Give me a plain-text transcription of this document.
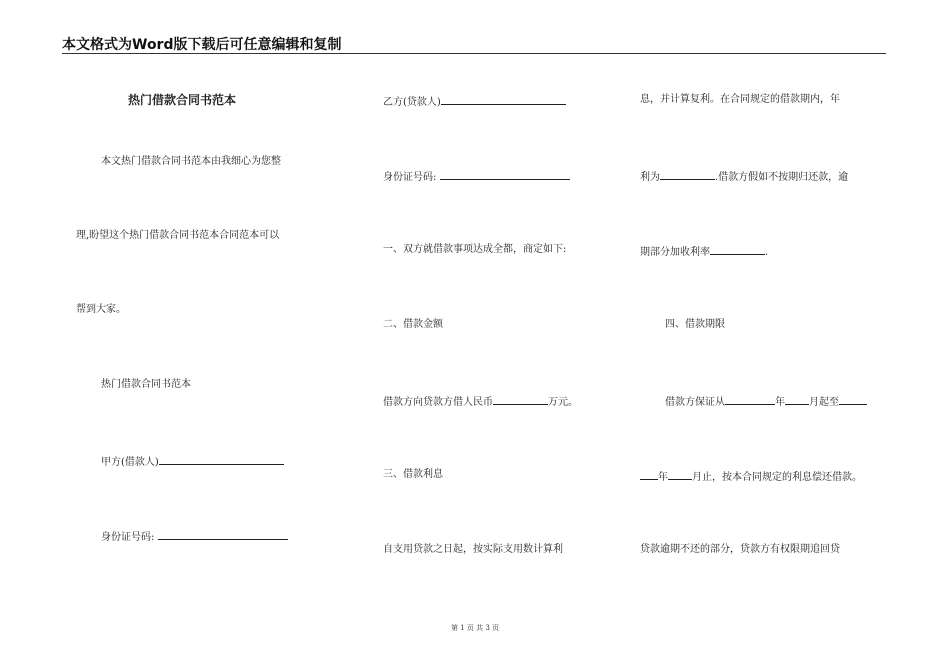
本文格式为Word版下载后可任意编辑和复制
热门借款合同书范本
本文热门借款合同书范本由我细心为您整
理,盼望这个热门借款合同书范本合同范本可以
帮到大家。
热门借款合同书范本
甲方(借款人)
身份证号码:
乙方(贷款人)
身份证号码:
一、双方就借款事项达成全都，商定如下:
二、借款金额
借款方向贷款方借人民币	万元。
三、借款利息
自支用贷款之日起，按实际支用数计算利
息，并计算复利。在合同规定的借款期内，年
利为	.借款方假如不按期归还款，逾
期部分加收利率	.
四、借款期限
借款方保证从	年 月起至
年 月止，按本合同规定的利息偿还借款。
贷款逾期不还的部分，贷款方有权限期追回贷
第 1 页 共 3 页
